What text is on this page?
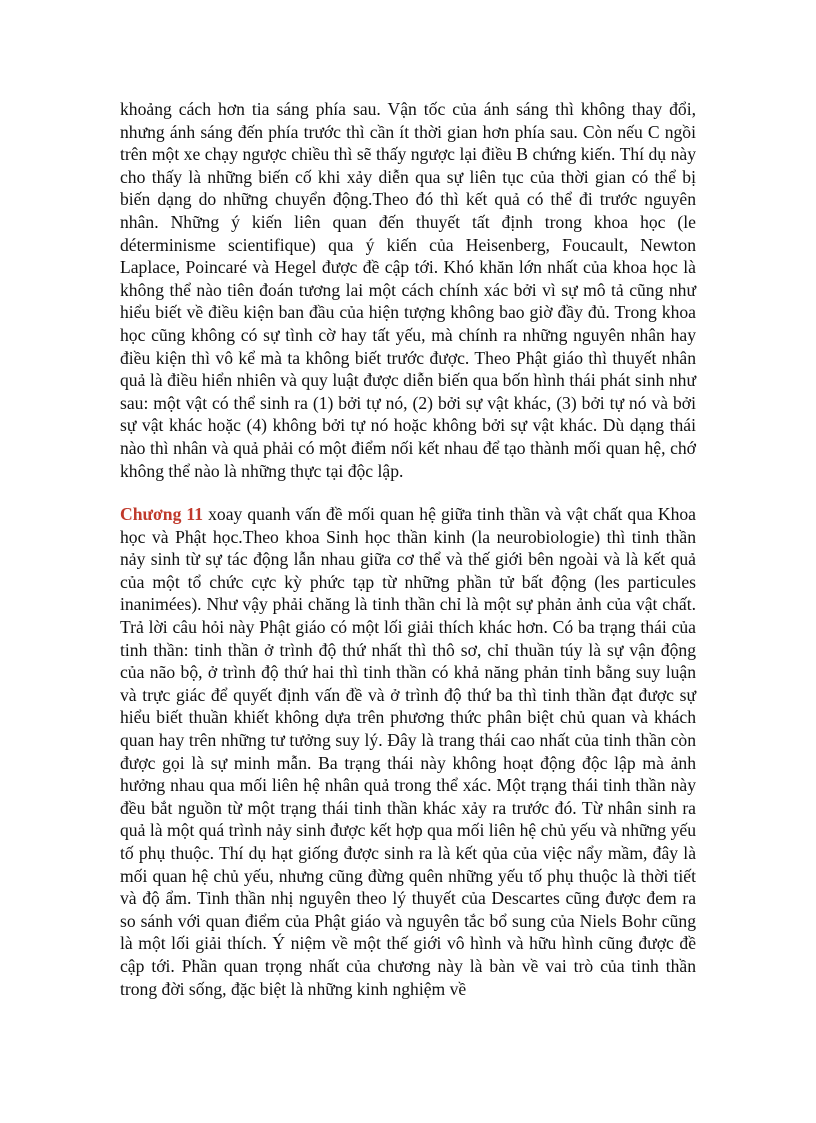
khoảng cách hơn tia sáng phía sau. Vận tốc của ánh sáng thì không thay đổi, nhưng ánh sáng đến phía trước thì cần ít thời gian hơn phía sau. Còn nếu C ngồi trên một xe chạy ngược chiều thì sẽ thấy ngược lại điều B chứng kiến. Thí dụ này cho thấy là những biến cố khi xảy diễn qua sự liên tục của thời gian có thể bị biến dạng do những chuyển động.Theo đó thì kết quả có thể đi trước nguyên nhân. Những ý kiến liên quan đến thuyết tất định trong khoa học (le déterminisme scientifique) qua ý kiến của Heisenberg, Foucault, Newton Laplace, Poincaré và Hegel được đề cập tới. Khó khăn lớn nhất của khoa học là không thể nào tiên đoán tương lai một cách chính xác bởi vì sự mô tả cũng như hiểu biết về điều kiện ban đầu của hiện tượng không bao giờ đầy đủ. Trong khoa học cũng không có sự tình cờ hay tất yếu, mà chính ra những nguyên nhân hay điều kiện thì vô kể mà ta không biết trước được. Theo Phật giáo thì thuyết nhân quả là điều hiển nhiên và quy luật được diễn biến qua bốn hình thái phát sinh như sau: một vật có thể sinh ra (1) bởi tự nó, (2) bởi sự vật khác, (3) bởi tự nó và bởi sự vật khác hoặc (4) không bởi tự nó hoặc không bởi sự vật khác. Dù dạng thái nào thì nhân và quả phải có một điểm nối kết nhau để tạo thành mối quan hệ, chớ không thể nào là những thực tại độc lập.

Chương 11 xoay quanh vấn đề mối quan hệ giữa tinh thần và vật chất qua Khoa học và Phật học.Theo khoa Sinh học thần kinh (la neurobiologie) thì tinh thần nảy sinh từ sự tác động lẫn nhau giữa cơ thể và thế giới bên ngoài và là kết quả của một tổ chức cực kỳ phức tạp từ những phần tử bất động (les particules inanimées). Như vậy phải chăng là tinh thần chỉ là một sự phản ảnh của vật chất. Trả lời câu hỏi này Phật giáo có một lối giải thích khác hơn. Có ba trạng thái của tinh thần: tinh thần ở trình độ thứ nhất thì thô sơ, chỉ thuần túy là sự vận động của não bộ, ở trình độ thứ hai thì tinh thần có khả năng phản tỉnh bằng suy luận và trực giác để quyết định vấn đề và ở trình độ thứ ba thì tinh thần đạt được sự hiểu biết thuần khiết không dựa trên phương thức phân biệt chủ quan và khách quan hay trên những tư tưởng suy lý. Đây là trang thái cao nhất của tinh thần còn được gọi là sự minh mẫn. Ba trạng thái này không hoạt động độc lập mà ảnh hưởng nhau qua mối liên hệ nhân quả trong thể xác. Một trạng thái tinh thần này đều bắt nguồn từ một trạng thái tinh thần khác xảy ra trước đó. Từ nhân sinh ra quả là một quá trình nảy sinh được kết hợp qua mối liên hệ chủ yếu và những yếu tố phụ thuộc. Thí dụ hạt giống được sinh ra là kết qủa của việc nẩy mầm, đây là mối quan hệ chủ yếu, nhưng cũng đừng quên những yếu tố phụ thuộc là thời tiết và độ ẩm. Tinh thần nhị nguyên theo lý thuyết của Descartes cũng được đem ra so sánh với quan điểm của Phật giáo và nguyên tắc bổ sung của Niels Bohr cũng là một lối giải thích. Ý niệm về một thế giới vô hình và hữu hình cũng được đề cập tới. Phần quan trọng nhất của chương này là bàn về vai trò của tinh thần trong đời sống, đặc biệt là những kinh nghiệm về
